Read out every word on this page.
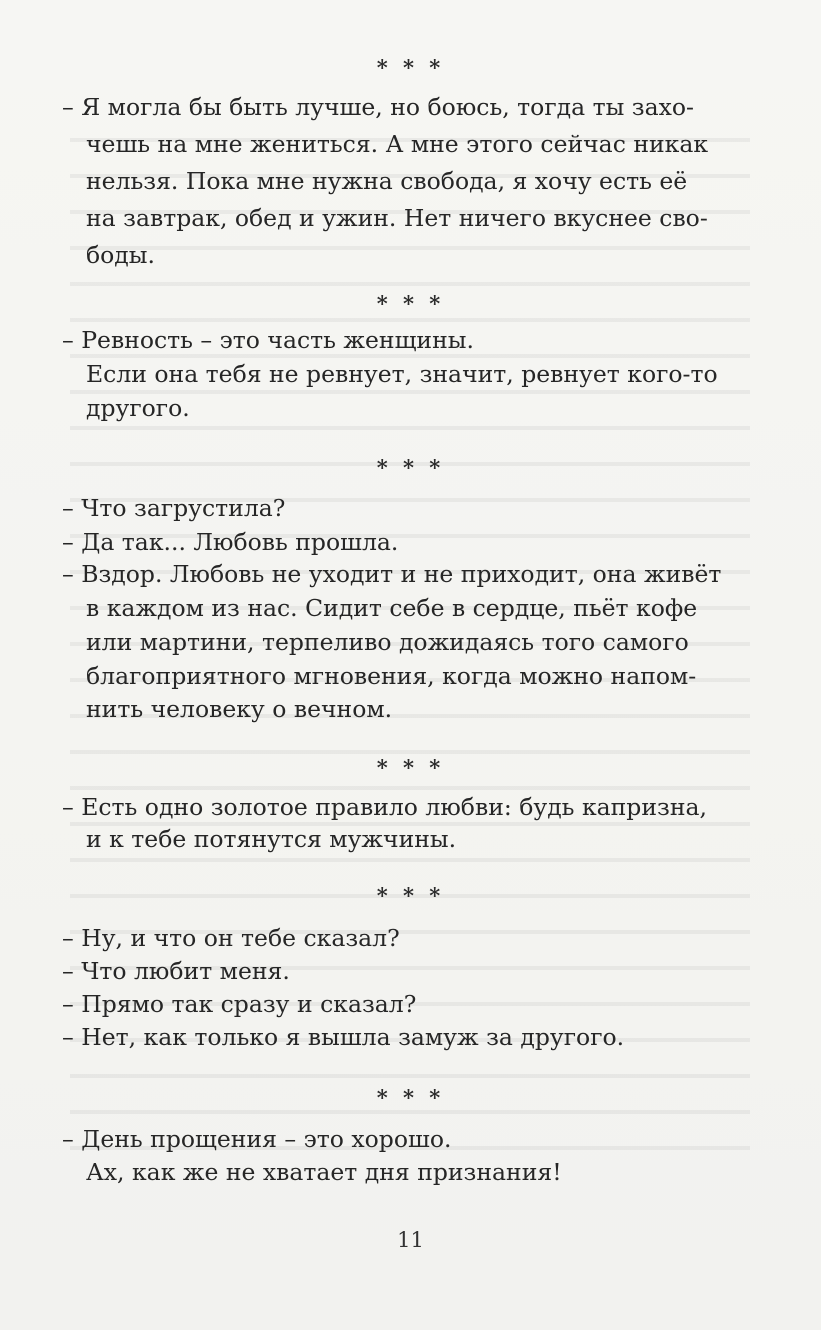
* * *
– Я могла бы быть лучше, но боюсь, тогда ты захо-
чешь на мне жениться. А мне этого сейчас никак
нельзя. Пока мне нужна свобода, я хочу есть её
на завтрак, обед и ужин. Нет ничего вкуснее сво-
боды.
* * *
– Ревность – это часть женщины.
Если она тебя не ревнует, значит, ревнует кого-то
другого.
* * *
– Что загрустила?
– Да так... Любовь прошла.
– Вздор. Любовь не уходит и не приходит, она живёт
в каждом из нас. Сидит себе в сердце, пьёт кофе
или мартини, терпеливо дожидаясь того самого
благоприятного мгновения, когда можно напом-
нить человеку о вечном.
* * *
– Есть одно золотое правило любви: будь капризна,
и к тебе потянутся мужчины.
* * *
– Ну, и что он тебе сказал?
– Что любит меня.
– Прямо так сразу и сказал?
– Нет, как только я вышла замуж за другого.
* * *
– День прощения – это хорошо.
Ах, как же не хватает дня признания!
11
